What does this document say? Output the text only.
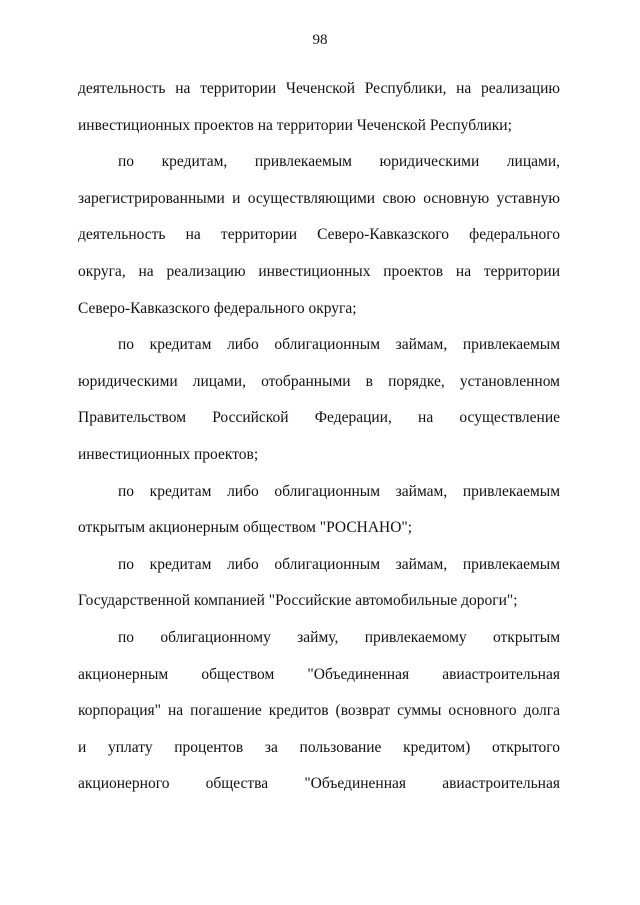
98
деятельность на территории Чеченской Республики, на реализацию
инвестиционных проектов на территории Чеченской Республики;
по кредитам, привлекаемым юридическими лицами,
зарегистрированными и осуществляющими свою основную уставную
деятельность на территории Северо-Кавказского федерального
округа, на реализацию инвестиционных проектов на территории
Северо-Кавказского федерального округа;
по кредитам либо облигационным займам, привлекаемым
юридическими лицами, отобранными в порядке, установленном
Правительством Российской Федерации, на осуществление
инвестиционных проектов;
по кредитам либо облигационным займам, привлекаемым
открытым акционерным обществом "РОСНАНО";
по кредитам либо облигационным займам, привлекаемым
Государственной компанией "Российские автомобильные дороги";
по облигационному займу, привлекаемому открытым
акционерным обществом "Объединенная авиастроительная
корпорация" на погашение кредитов (возврат суммы основного долга
и уплату процентов за пользование кредитом) открытого
акционерного общества "Объединенная авиастроительная
